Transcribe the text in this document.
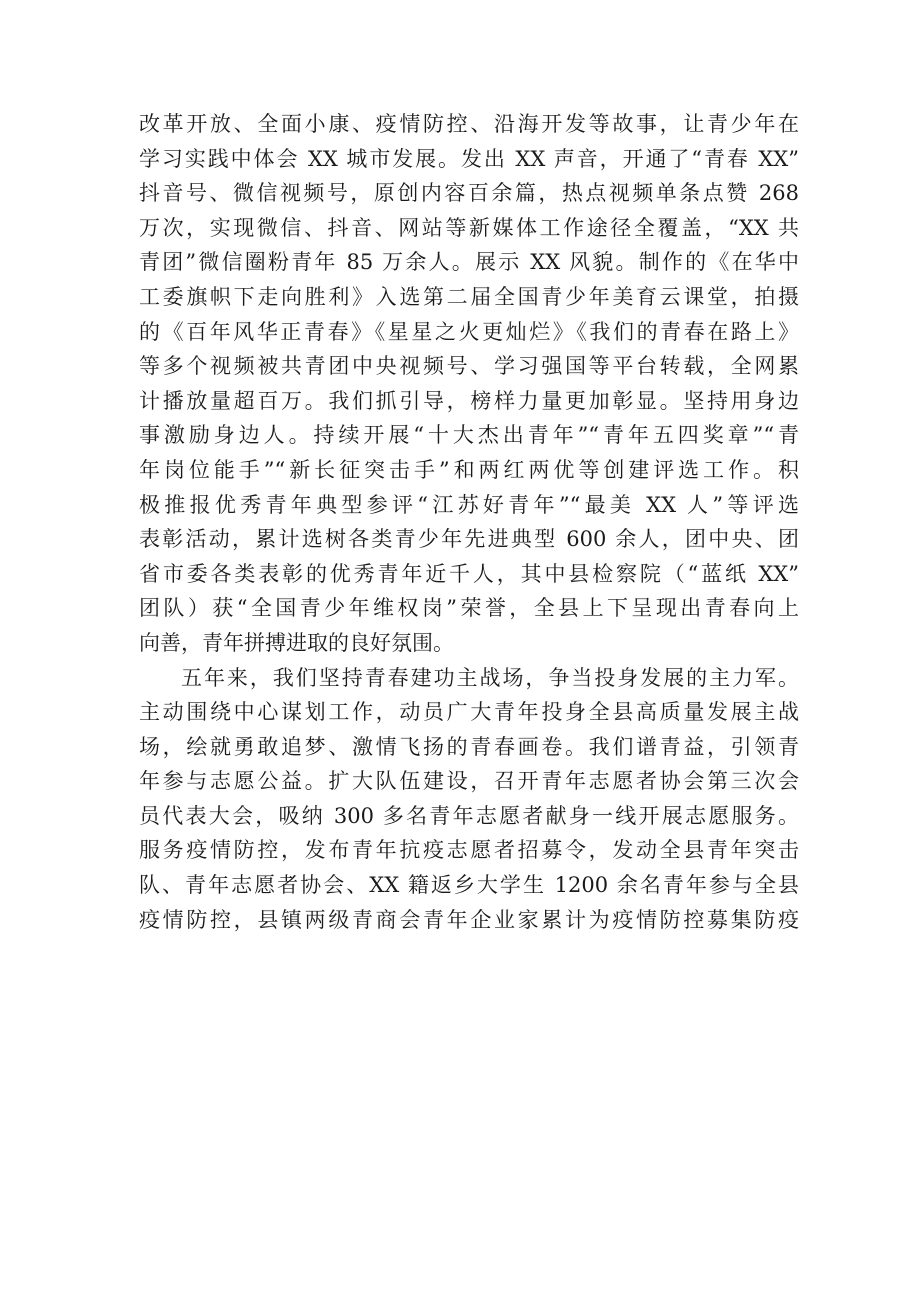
改革开放、全面小康、疫情防控、沿海开发等故事，让青少年在
学习实践中体会 XX 城市发展。发出 XX 声音，开通了“青春 XX”
抖音号、微信视频号，原创内容百余篇，热点视频单条点赞 268
万次，实现微信、抖音、网站等新媒体工作途径全覆盖，“XX 共
青团”微信圈粉青年 85 万余人。展示 XX 风貌。制作的《在华中
工委旗帜下走向胜利》入选第二届全国青少年美育云课堂，拍摄
的《百年风华正青春》《星星之火更灿烂》《我们的青春在路上》
等多个视频被共青团中央视频号、学习强国等平台转载，全网累
计播放量超百万。我们抓引导，榜样力量更加彰显。坚持用身边
事激励身边人。持续开展“十大杰出青年”“青年五四奖章”“青
年岗位能手”“新长征突击手”和两红两优等创建评选工作。积
极推报优秀青年典型参评“江苏好青年”“最美 XX 人”等评选
表彰活动，累计选树各类青少年先进典型 600 余人，团中央、团
省市委各类表彰的优秀青年近千人，其中县检察院（“蓝纸 XX”
团队）获“全国青少年维权岗”荣誉，全县上下呈现出青春向上
向善，青年拼搏进取的良好氛围。
五年来，我们坚持青春建功主战场，争当投身发展的主力军。
主动围绕中心谋划工作，动员广大青年投身全县高质量发展主战
场，绘就勇敢追梦、激情飞扬的青春画卷。我们谱青益，引领青
年参与志愿公益。扩大队伍建设，召开青年志愿者协会第三次会
员代表大会，吸纳 300 多名青年志愿者献身一线开展志愿服务。
服务疫情防控，发布青年抗疫志愿者招募令，发动全县青年突击
队、青年志愿者协会、XX 籍返乡大学生 1200 余名青年参与全县
疫情防控，县镇两级青商会青年企业家累计为疫情防控募集防疫
